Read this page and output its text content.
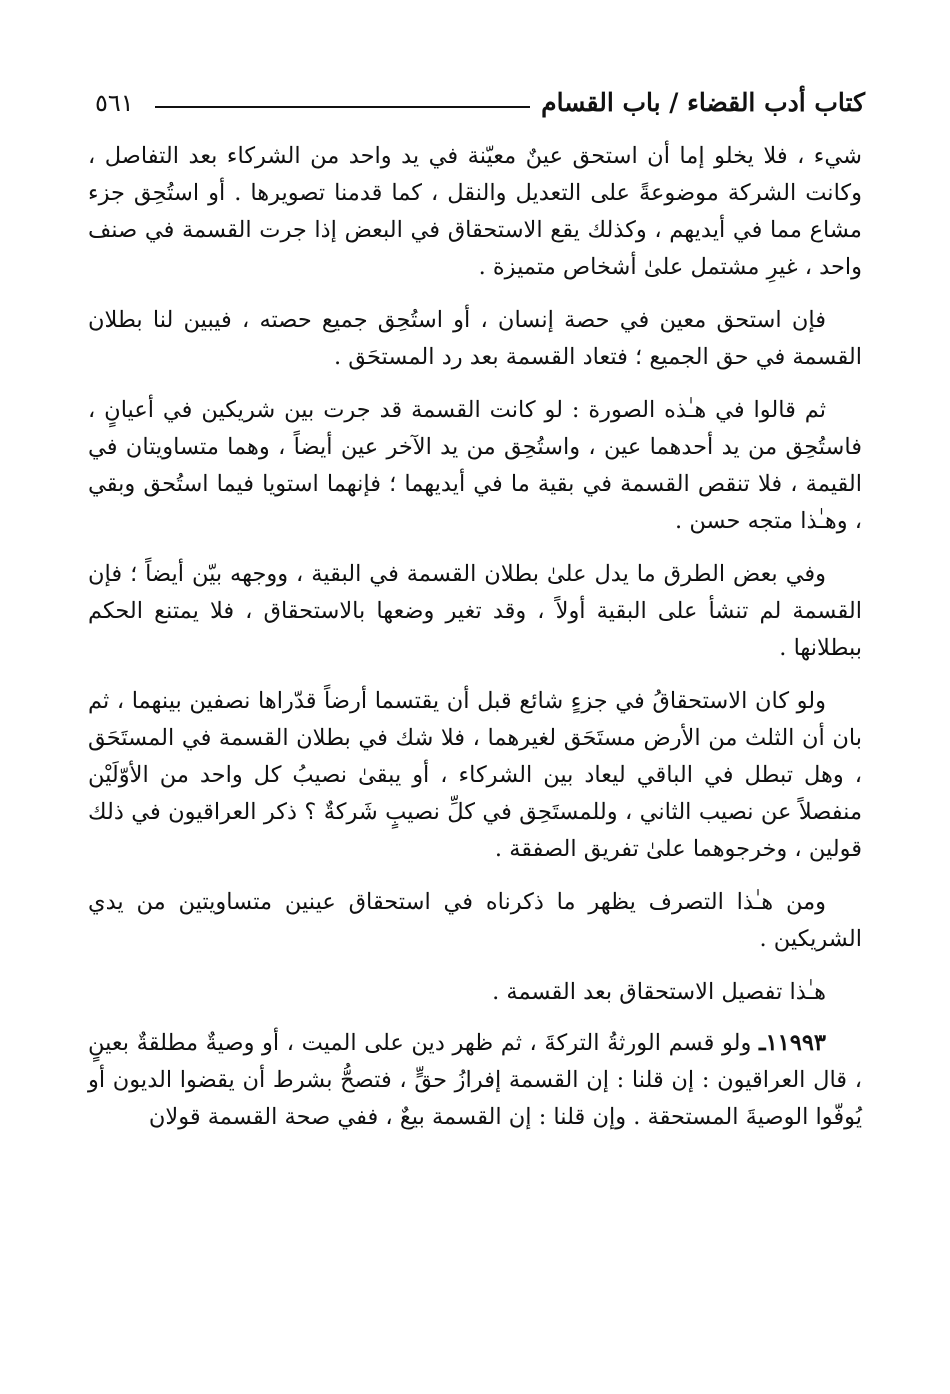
كتاب أدب القضاء / باب القسام
٥٦١

شيء ، فلا يخلو إما أن استحق عينٌ معيّنة في يد واحد من الشركاء بعد التفاصل ، وكانت الشركة موضوعةً على التعديل والنقل ، كما قدمنا تصويرها . أو استُحِق جزء مشاع مما في أيديهم ، وكذلك يقع الاستحقاق في البعض إذا جرت القسمة في صنف واحد ، غيرِ مشتمل علىٰ أشخاص متميزة .

فإن استحق معين في حصة إنسان ، أو استُحِق جميع حصته ، فيبين لنا بطلان القسمة في حق الجميع ؛ فتعاد القسمة بعد رد المستحَق .

ثم قالوا في هـٰذه الصورة : لو كانت القسمة قد جرت بين شريكين في أعيانٍ ، فاستُحِق من يد أحدهما عين ، واستُحِق من يد الآخر عين أيضاً ، وهما متساويتان في القيمة ، فلا تنقص القسمة في بقية ما في أيديهما ؛ فإنهما استويا فيما استُحق وبقي ، وهـٰذا متجه حسن .

وفي بعض الطرق ما يدل علىٰ بطلان القسمة في البقية ، ووجهه بيّن أيضاً ؛ فإن القسمة لم تنشأ على البقية أولاً ، وقد تغير وضعها بالاستحقاق ، فلا يمتنع الحكم ببطلانها .

ولو كان الاستحقاقُ في جزءٍ شائع قبل أن يقتسما أرضاً قدّراها نصفين بينهما ، ثم بان أن الثلث من الأرض مستَحَق لغيرهما ، فلا شك في بطلان القسمة في المستَحَق ، وهل تبطل في الباقي ليعاد بين الشركاء ، أو يبقىٰ نصيبُ كل واحد من الأوّلَيْن منفصلاً عن نصيب الثاني ، وللمستَحِق في كلِّ نصيبٍ شَركةٌ ؟ ذكر العراقيون في ذلك قولين ، وخرجوهما علىٰ تفريق الصفقة .

ومن هـٰذا التصرف يظهر ما ذكرناه في استحقاق عينين متساويتين من يدي الشريكين .

هـٰذا تفصيل الاستحقاق بعد القسمة .

١١٩٩٣ـ ولو قسم الورثةُ التركةَ ، ثم ظهر دين على الميت ، أو وصيةٌ مطلقةٌ بعينٍ ، قال العراقيون : إن قلنا : إن القسمة إفرازُ حقٍّ ، فتصحُّ بشرط أن يقضوا الديون أو يُوفّوا الوصيةَ المستحقة . وإن قلنا : إن القسمة بيعٌ ، ففي صحة القسمة قولان
